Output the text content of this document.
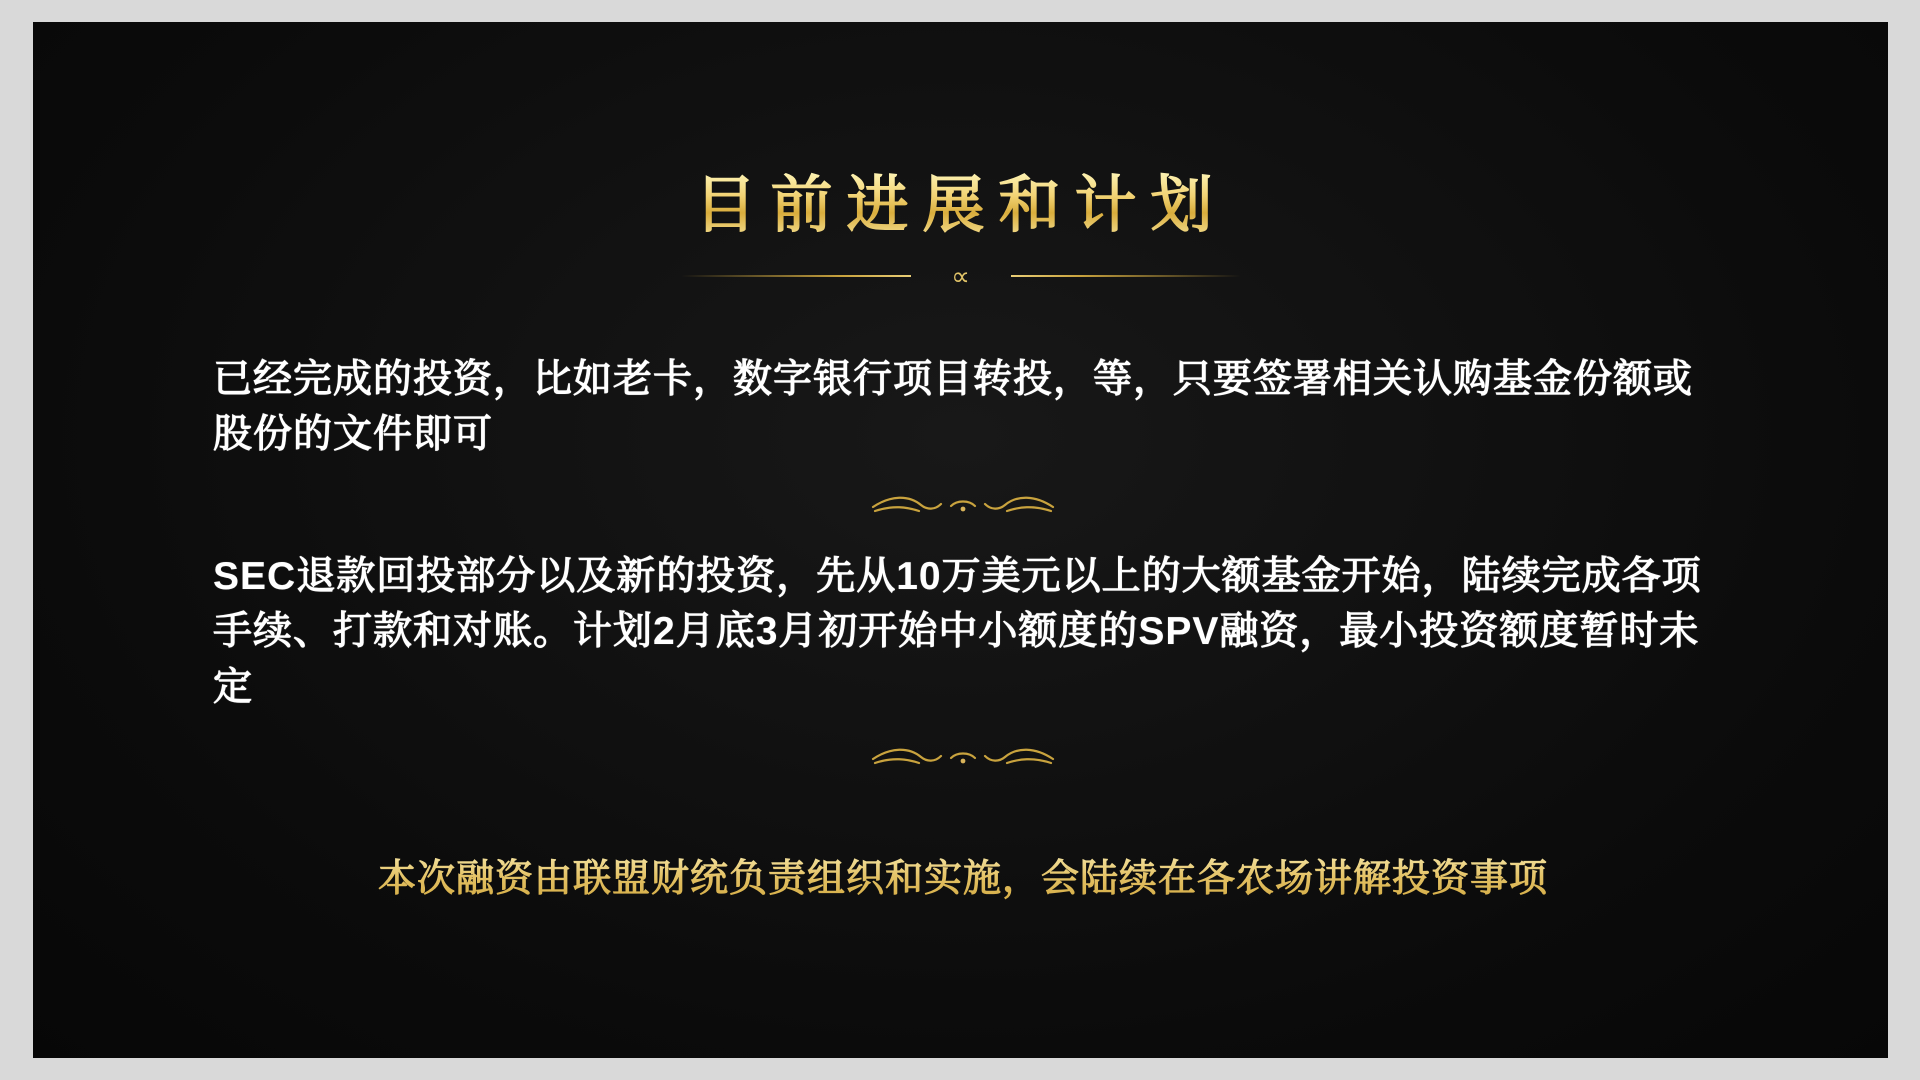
目前进展和计划
∝

已经完成的投资，比如老卡，数字银行项目转投，等，只要签署相关认购基金份额或股份的文件即可

SEC退款回投部分以及新的投资，先从10万美元以上的大额基金开始，陆续完成各项手续、打款和对账。计划2月底3月初开始中小额度的SPV融资，最小投资额度暂时未定

本次融资由联盟财统负责组织和实施，会陆续在各农场讲解投资事项
